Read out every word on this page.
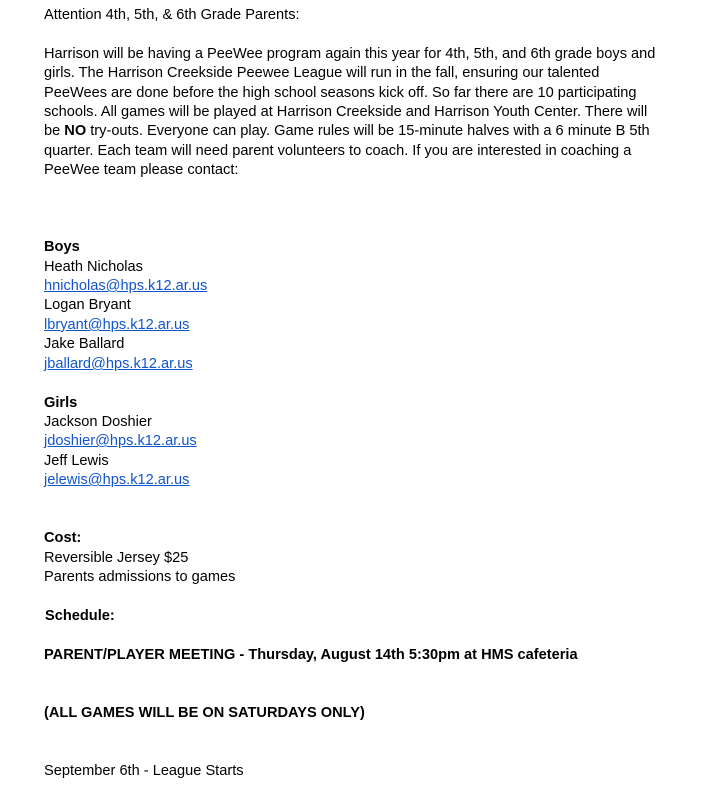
Attention 4th, 5th, & 6th Grade Parents:
Harrison will be having a PeeWee program again this year for 4th, 5th, and 6th grade boys and
girls. The Harrison Creekside Peewee League will run in the fall, ensuring our talented
PeeWees are done before the high school seasons kick off. So far there are 10 participating
schools. All games will be played at Harrison Creekside and Harrison Youth Center. There will
be NO try-outs. Everyone can play. Game rules will be 15-minute halves with a 6 minute B 5th
quarter. Each team will need parent volunteers to coach. If you are interested in coaching a
PeeWee team please contact:
Boys
Heath Nicholas
hnicholas@hps.k12.ar.us
Logan Bryant
lbryant@hps.k12.ar.us
Jake Ballard
jballard@hps.k12.ar.us
Girls
Jackson Doshier
jdoshier@hps.k12.ar.us
Jeff Lewis
jelewis@hps.k12.ar.us
Cost:
Reversible Jersey $25
Parents admissions to games
Schedule:
PARENT/PLAYER MEETING - Thursday, August 14th 5:30pm at HMS cafeteria
(ALL GAMES WILL BE ON SATURDAYS ONLY)
September 6th - League Starts
